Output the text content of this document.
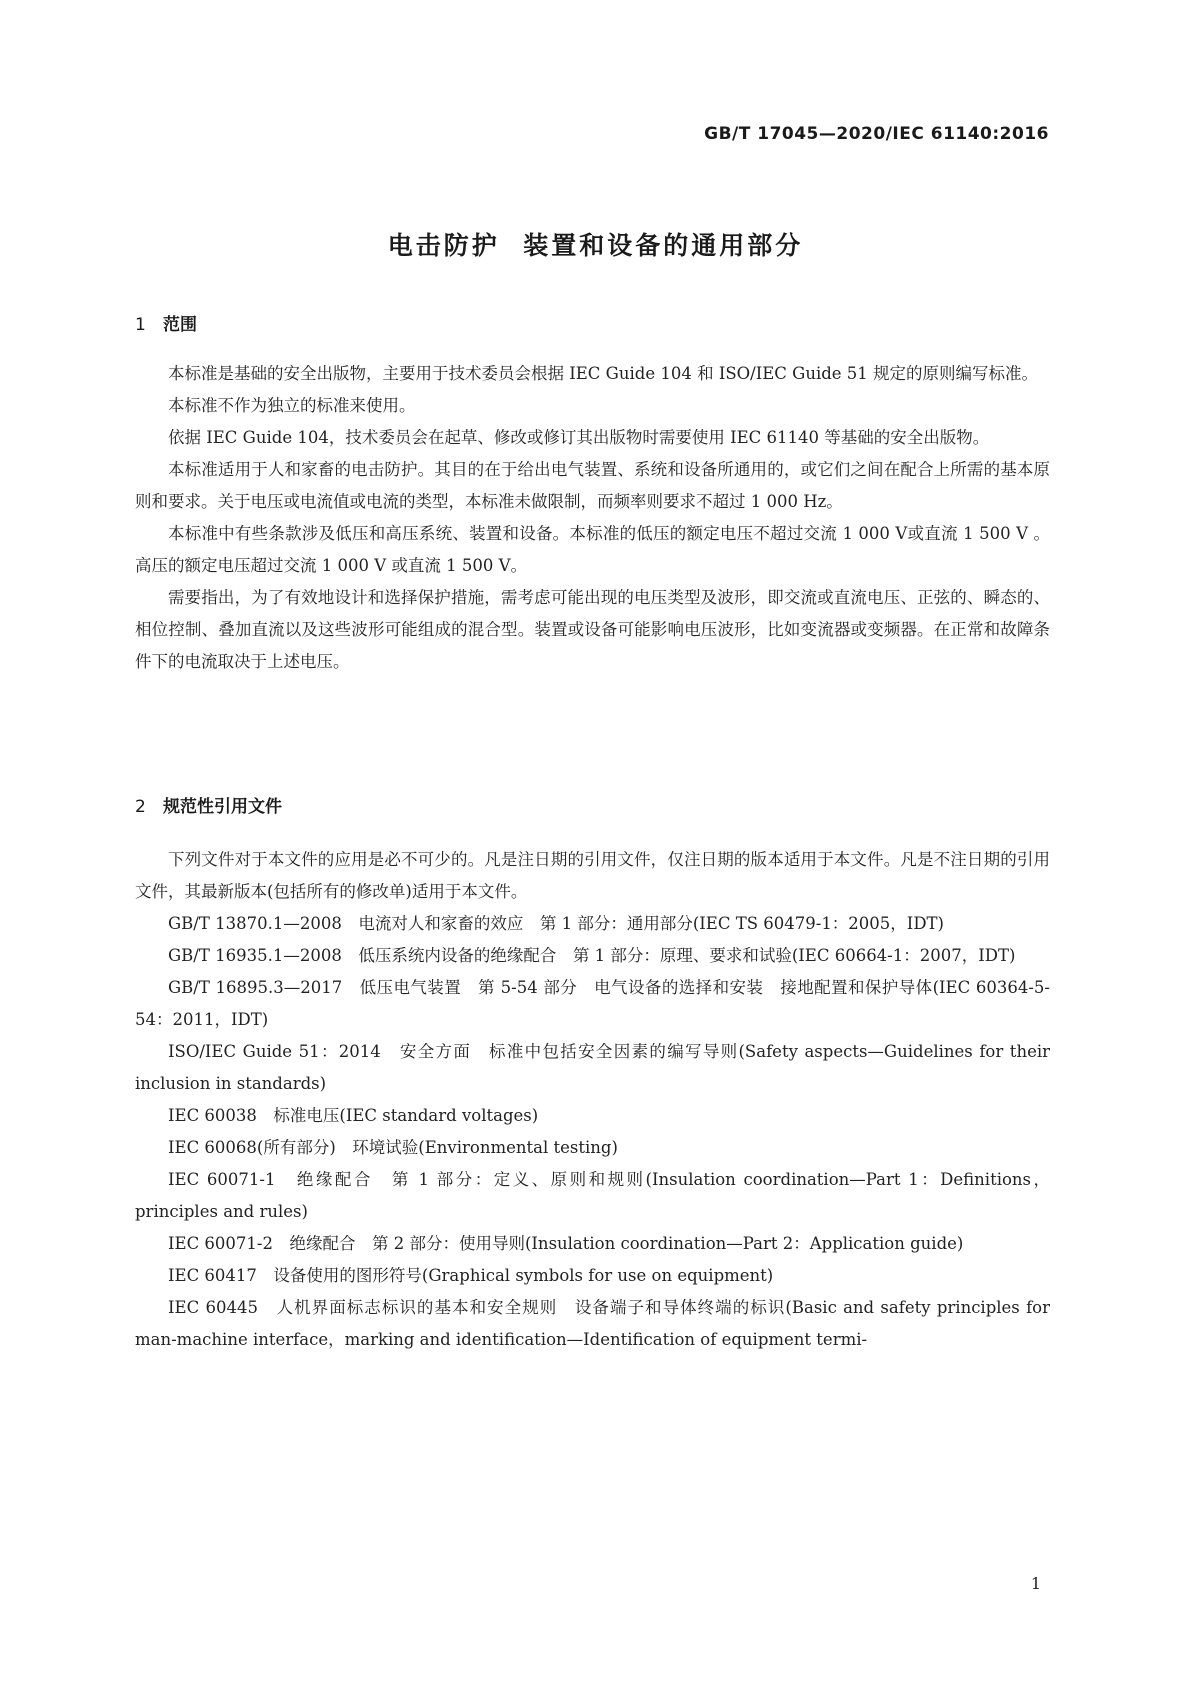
GB/T 17045—2020/IEC 61140:2016
电击防护  装置和设备的通用部分
1 范围

本标准是基础的安全出版物，主要用于技术委员会根据 IEC Guide 104 和 ISO/IEC Guide 51 规定的原则编写标准。

本标准不作为独立的标准来使用。

依据 IEC Guide 104，技术委员会在起草、修改或修订其出版物时需要使用 IEC 61140 等基础的安全出版物。

本标准适用于人和家畜的电击防护。其目的在于给出电气装置、系统和设备所通用的，或它们之间在配合上所需的基本原则和要求。关于电压或电流值或电流的类型，本标准未做限制，而频率则要求不超过 1 000 Hz。

本标准中有些条款涉及低压和高压系统、装置和设备。本标准的低压的额定电压不超过交流 1 000 V或直流 1 500 V 。高压的额定电压超过交流 1 000 V 或直流 1 500 V。

需要指出，为了有效地设计和选择保护措施，需考虑可能出现的电压类型及波形，即交流或直流电压、正弦的、瞬态的、相位控制、叠加直流以及这些波形可能组成的混合型。装置或设备可能影响电压波形，比如变流器或变频器。在正常和故障条件下的电流取决于上述电压。

2 规范性引用文件

下列文件对于本文件的应用是必不可少的。凡是注日期的引用文件，仅注日期的版本适用于本文件。凡是不注日期的引用文件，其最新版本(包括所有的修改单)适用于本文件。

GB/T 13870.1—2008　电流对人和家畜的效应　第 1 部分：通用部分(IEC TS 60479-1：2005，IDT)

GB/T 16935.1—2008　低压系统内设备的绝缘配合　第 1 部分：原理、要求和试验(IEC 60664-1：2007，IDT)

GB/T 16895.3—2017　低压电气装置　第 5-54 部分　电气设备的选择和安装　接地配置和保护导体(IEC 60364-5-54：2011，IDT)

ISO/IEC Guide 51：2014　安全方面　标准中包括安全因素的编写导则(Safety aspects—Guidelines for their inclusion in standards)

IEC 60038　标准电压(IEC standard voltages)

IEC 60068(所有部分)　环境试验(Environmental testing)

IEC 60071-1　绝缘配合　第 1 部分：定义、原则和规则(Insulation coordination—Part 1：Definitions，principles and rules)

IEC 60071-2　绝缘配合　第 2 部分：使用导则(Insulation coordination—Part 2：Application guide)

IEC 60417　设备使用的图形符号(Graphical symbols for use on equipment)

IEC 60445　人机界面标志标识的基本和安全规则　设备端子和导体终端的标识(Basic and safety principles for man-machine interface，marking and identification—Identification of equipment termi-

1
